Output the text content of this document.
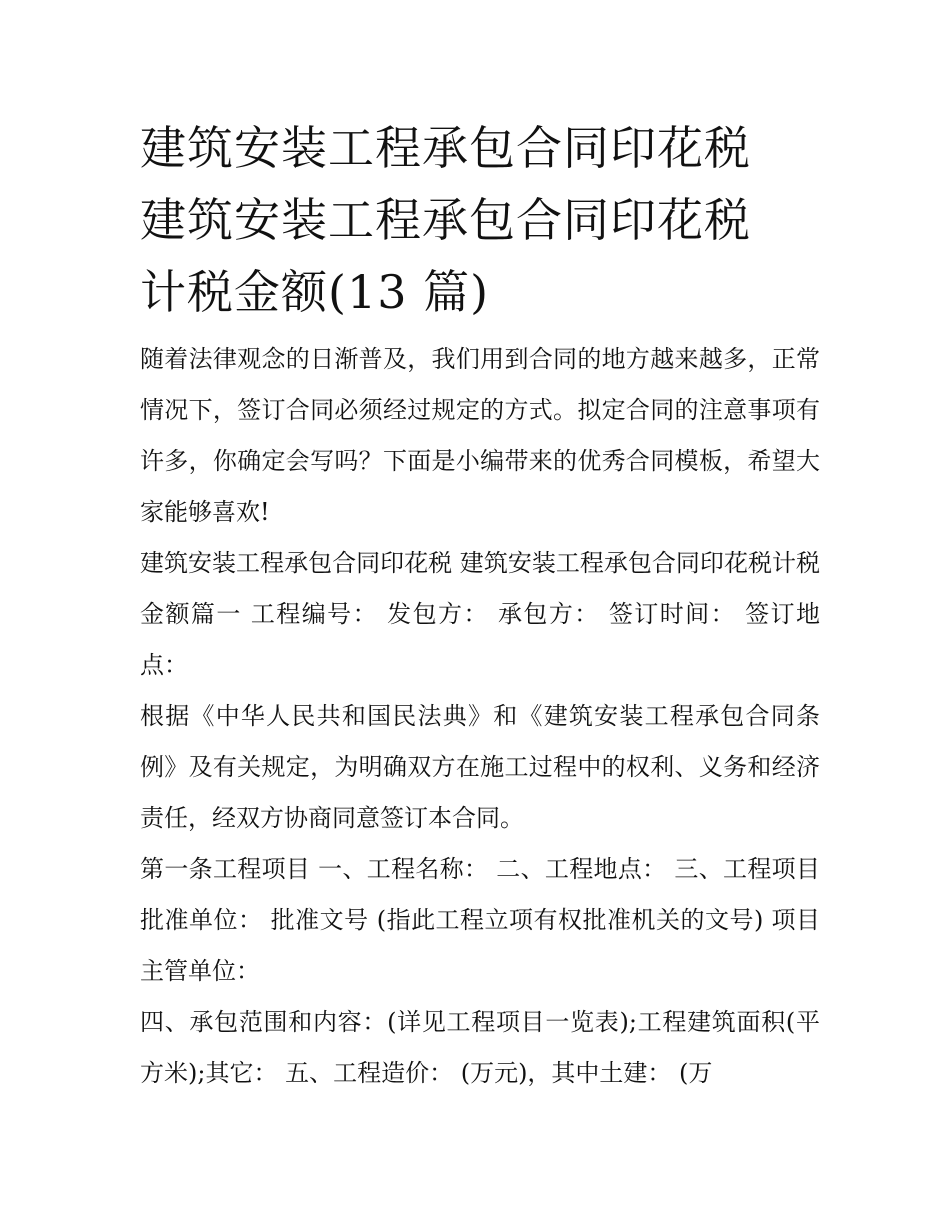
建筑安装工程承包合同印花税
建筑安装工程承包合同印花税
计税金额(13 篇)

随着法律观念的日渐普及，我们用到合同的地方越来越多，正常情况下，签订合同必须经过规定的方式。拟定合同的注意事项有许多，你确定会写吗？下面是小编带来的优秀合同模板，希望大家能够喜欢!

建筑安装工程承包合同印花税 建筑安装工程承包合同印花税计税金额篇一 工程编号： 发包方： 承包方： 签订时间： 签订地点：

根据《中华人民共和国民法典》和《建筑安装工程承包合同条例》及有关规定，为明确双方在施工过程中的权利、义务和经济责任，经双方协商同意签订本合同。

第一条工程项目 一、工程名称： 二、工程地点： 三、工程项目批准单位： 批准文号 (指此工程立项有权批准机关的文号) 项目主管单位：

四、承包范围和内容：(详见工程项目一览表);工程建筑面积(平方米);其它： 五、工程造价： (万元)，其中土建： (万
